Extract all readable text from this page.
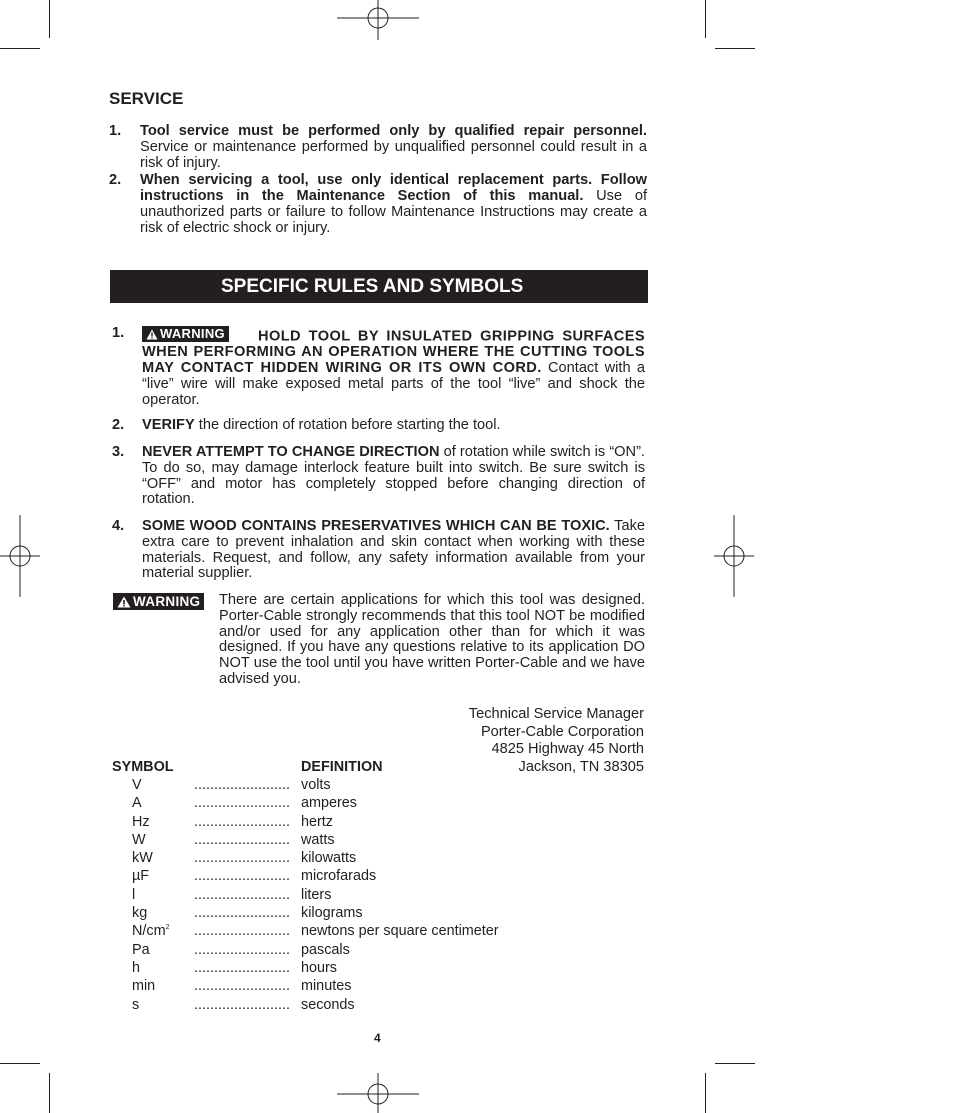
SERVICE
1. Tool service must be performed only by qualified repair personnel. Service or maintenance performed by unqualified personnel could result in a risk of injury.
2. When servicing a tool, use only identical replacement parts. Follow instructions in the Maintenance Section of this manual. Use of unauthorized parts or failure to follow Maintenance Instructions may create a risk of electric shock or injury.
SPECIFIC RULES AND SYMBOLS
1.	WARNING HOLD TOOL BY INSULATED GRIPPING SURFACES WHEN PERFORMING AN OPERATION WHERE THE CUTTING TOOLS MAY CONTACT HIDDEN WIRING OR ITS OWN CORD. Contact with a “live” wire will make exposed metal parts of the tool “live” and shock the operator.
2. VERIFY the direction of rotation before starting the tool.
3. NEVER ATTEMPT TO CHANGE DIRECTION of rotation while switch is “ON”. To do so, may damage interlock feature built into switch. Be sure switch is “OFF” and motor has completely stopped before changing direction of rotation.
4. SOME WOOD CONTAINS PRESERVATIVES WHICH CAN BE TOXIC. Take extra care to prevent inhalation and skin contact when working with these materials. Request, and follow, any safety information available from your material supplier.
WARNING There are certain applications for which this tool was designed. Porter-Cable strongly recommends that this tool NOT be modified and/or used for any application other than for which it was designed. If you have any questions relative to its application DO NOT use the tool until you have written Porter-Cable and we have advised you.
Technical Service Manager
Porter-Cable Corporation
4825 Highway 45 North
Jackson, TN 38305
SYMBOL	DEFINITION
V	........................ volts
A	........................ amperes
Hz	........................ hertz
W	........................ watts
kW	........................ kilowatts
µF	........................ microfarads
l	........................ liters
kg	........................ kilograms
$N/cm^2$ ........................ newtons per square centimeter
Pa	........................ pascals
h	........................ hours
min	........................ minutes
s	........................ seconds
4
